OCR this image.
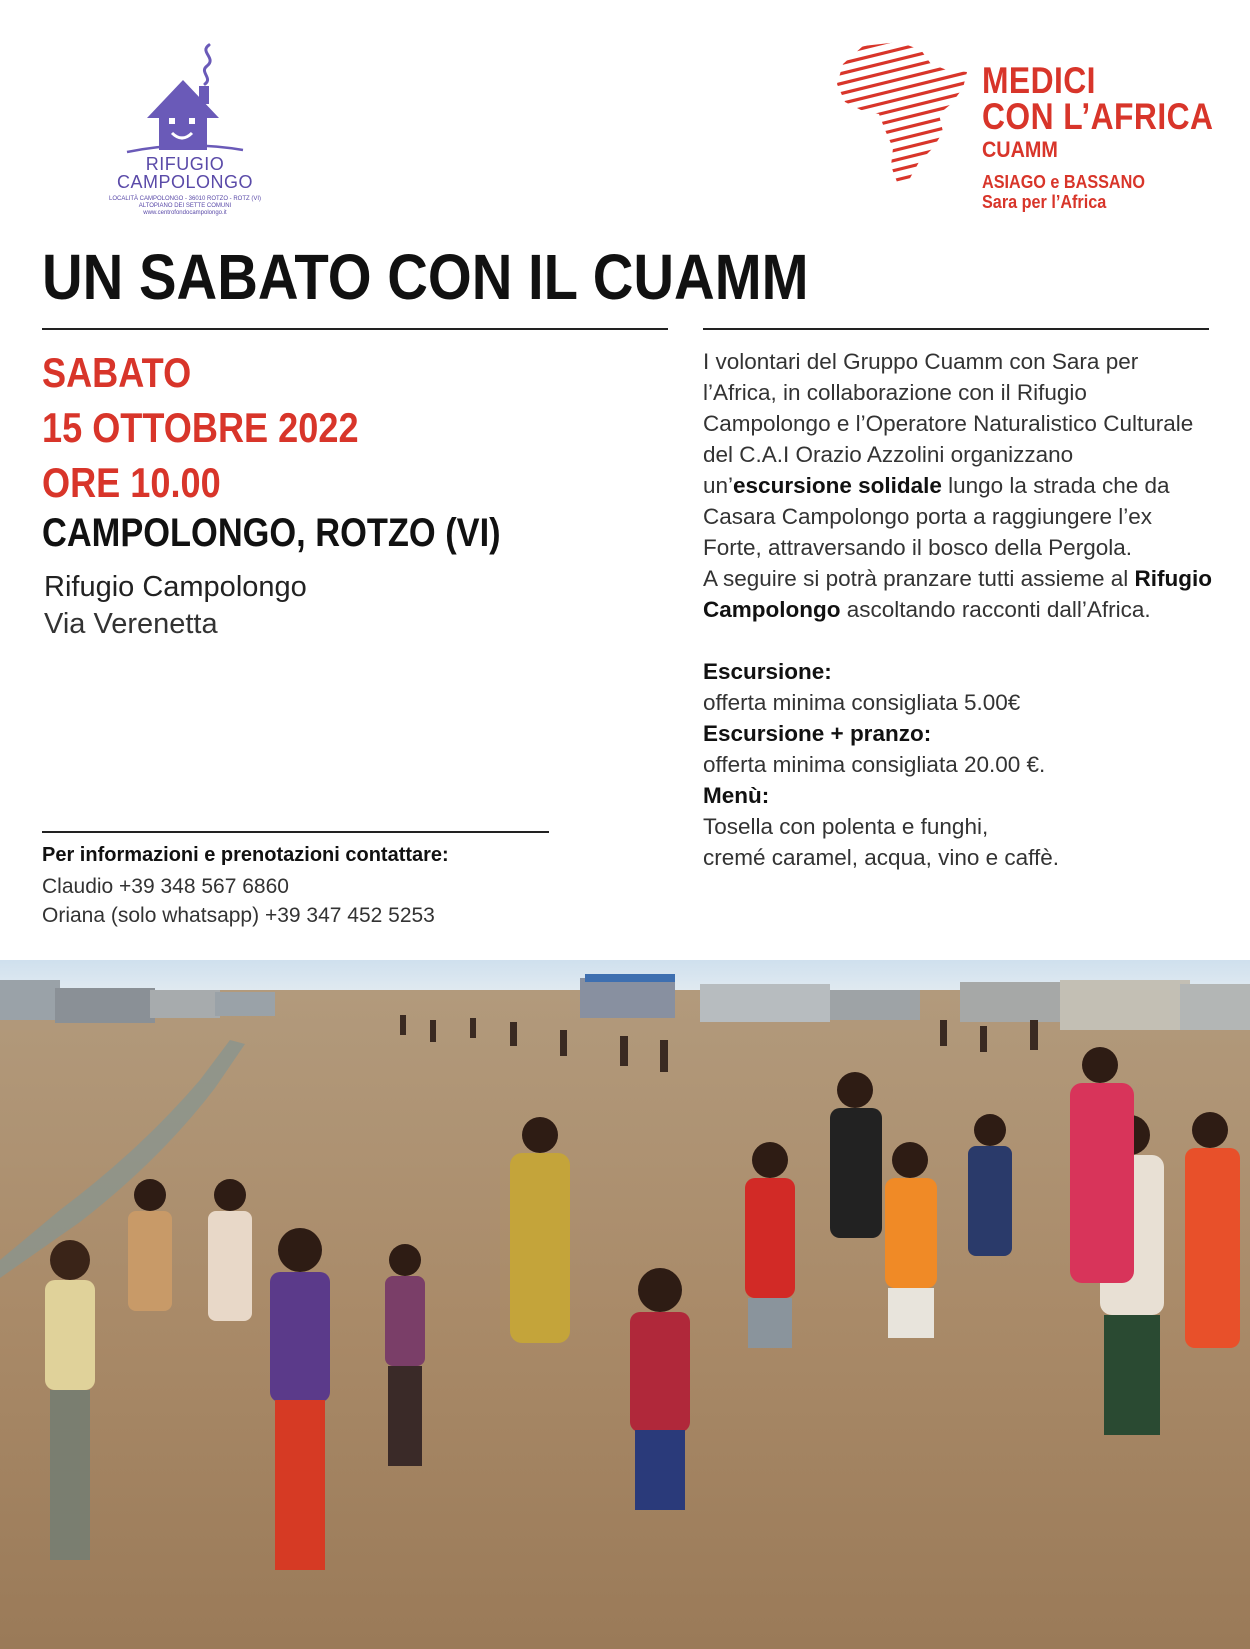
RIFUGIO
CAMPOLONGO
LOCALITÀ CAMPOLONGO - 36010 ROTZO - ROTZ (VI)
ALTOPIANO DEI SETTE COMUNI
www.centrofondocampolongo.it
MEDICI
CON L’AFRICA
CUAMM
ASIAGO e BASSANO
Sara per l’Africa
UN SABATO CON IL CUAMM
SABATO
15 OTTOBRE 2022
ORE 10.00
CAMPOLONGO, ROTZO (VI)
Rifugio Campolongo
Via Verenetta
Per informazioni e prenotazioni contattare:
Claudio +39 348 567 6860
Oriana (solo whatsapp) +39 347 452 5253

I volontari del Gruppo Cuamm con Sara per l’Africa, in collaborazione con il Rifugio Campolongo e l’Operatore Naturalistico Culturale del C.A.I Orazio Azzolini organizzano un’escursione solidale lungo la strada che da Casara Campolongo porta a raggiungere l’ex Forte, attraversando il bosco della Pergola.

A seguire si potrà pranzare tutti assieme al Rifugio Campolongo ascoltando racconti dall’Africa.

Escursione:

offerta minima consigliata 5.00€

Escursione + pranzo:

offerta minima consigliata 20.00 €.

Menù:

Tosella con polenta e funghi,

cremé caramel, acqua, vino e caffè.
